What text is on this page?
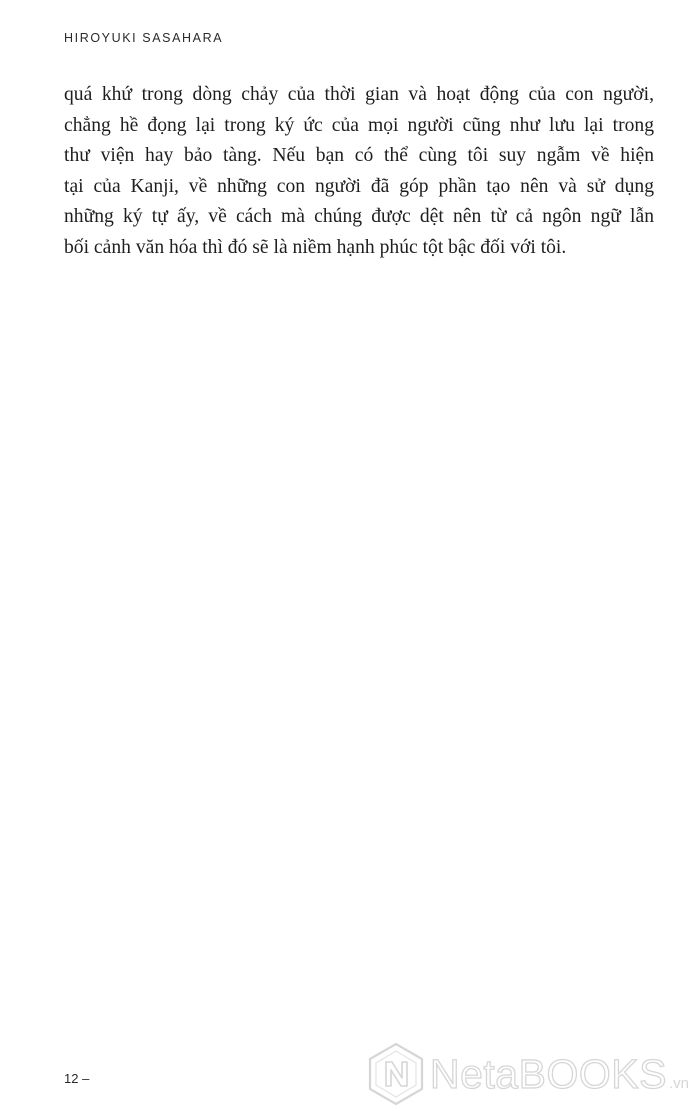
HIROYUKI SASAHARA
quá khứ trong dòng chảy của thời gian và hoạt động của con người,
chẳng hề đọng lại trong ký ức của mọi người cũng như lưu lại trong
thư viện hay bảo tàng. Nếu bạn có thể cùng tôi suy ngẫm về hiện
tại của Kanji, về những con người đã góp phần tạo nên và sử dụng
những ký tự ấy, về cách mà chúng được dệt nên từ cả ngôn ngữ lẫn
bối cảnh văn hóa thì đó sẽ là niềm hạnh phúc tột bậc đối với tôi.
12 –	NetaBOOKS .vn
